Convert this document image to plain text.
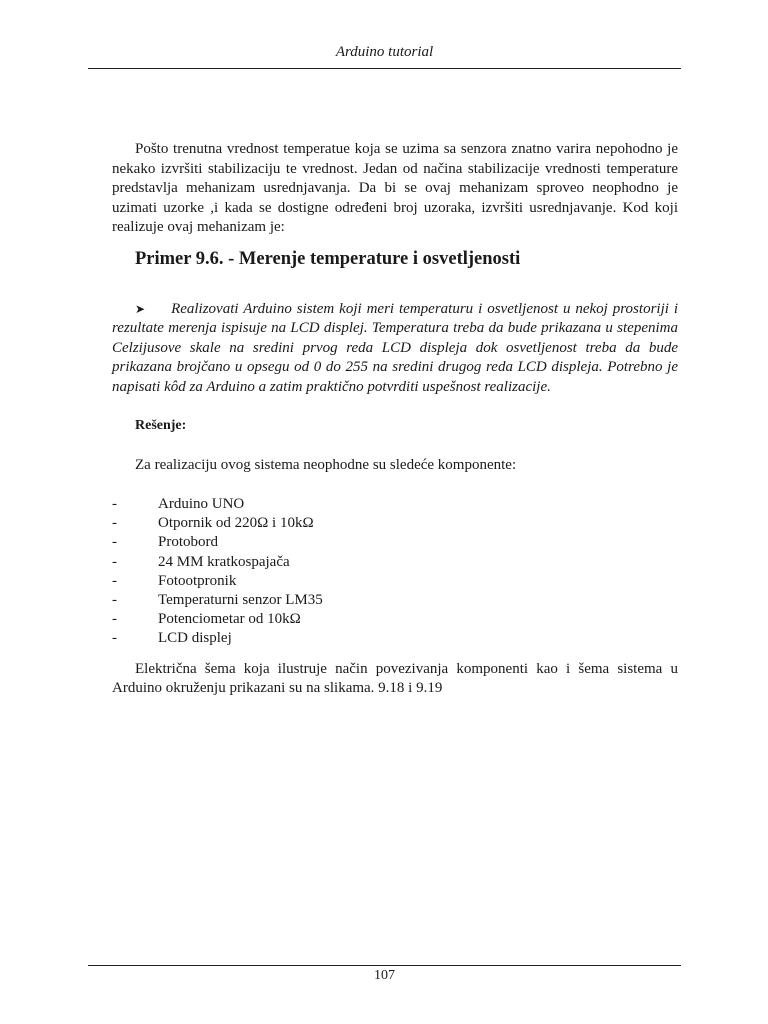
Arduino tutorial

Pošto trenutna vrednost temperatue koja se uzima sa senzora znatno varira nepohodno je nekako izvršiti stabilizaciju te vrednost. Jedan od načina stabilizacije vrednosti temperature predstavlja mehanizam usrednjavanja. Da bi se ovaj mehanizam sproveo neophodno je uzimati uzorke ,i kada se dostigne određeni broj uzoraka, izvršiti usrednjavanje. Kod koji realizuje ovaj mehanizam je:

Primer 9.6. - Merenje temperature i osvetljenosti

➤ Realizovati Arduino sistem koji meri temperaturu i osvetljenost u nekoj prostoriji i rezultate merenja ispisuje na LCD displej. Temperatura treba da bude prikazana u stepenima Celzijusove skale na sredini prvog reda LCD displeja dok osvetljenost treba da bude prikazana brojčano u opsegu od 0 do 255 na sredini drugog reda LCD displeja. Potrebno je napisati kôd za Arduino a zatim praktično potvrditi uspešnost realizacije.

Rešenje:
Za realizaciju ovog sistema neophodne su sledeće komponente:
-	Arduino UNO
-	Otpornik od 220Ω i 10kΩ
-	Protobord
-	24 MM kratkospajača
-	Fotootpronik
-	Temperaturni senzor LM35
-	Potenciometar od 10kΩ
-	LCD displej

Električna šema koja ilustruje način povezivanja komponenti kao i šema sistema u Arduino okruženju prikazani su na slikama. 9.18 i 9.19

107
